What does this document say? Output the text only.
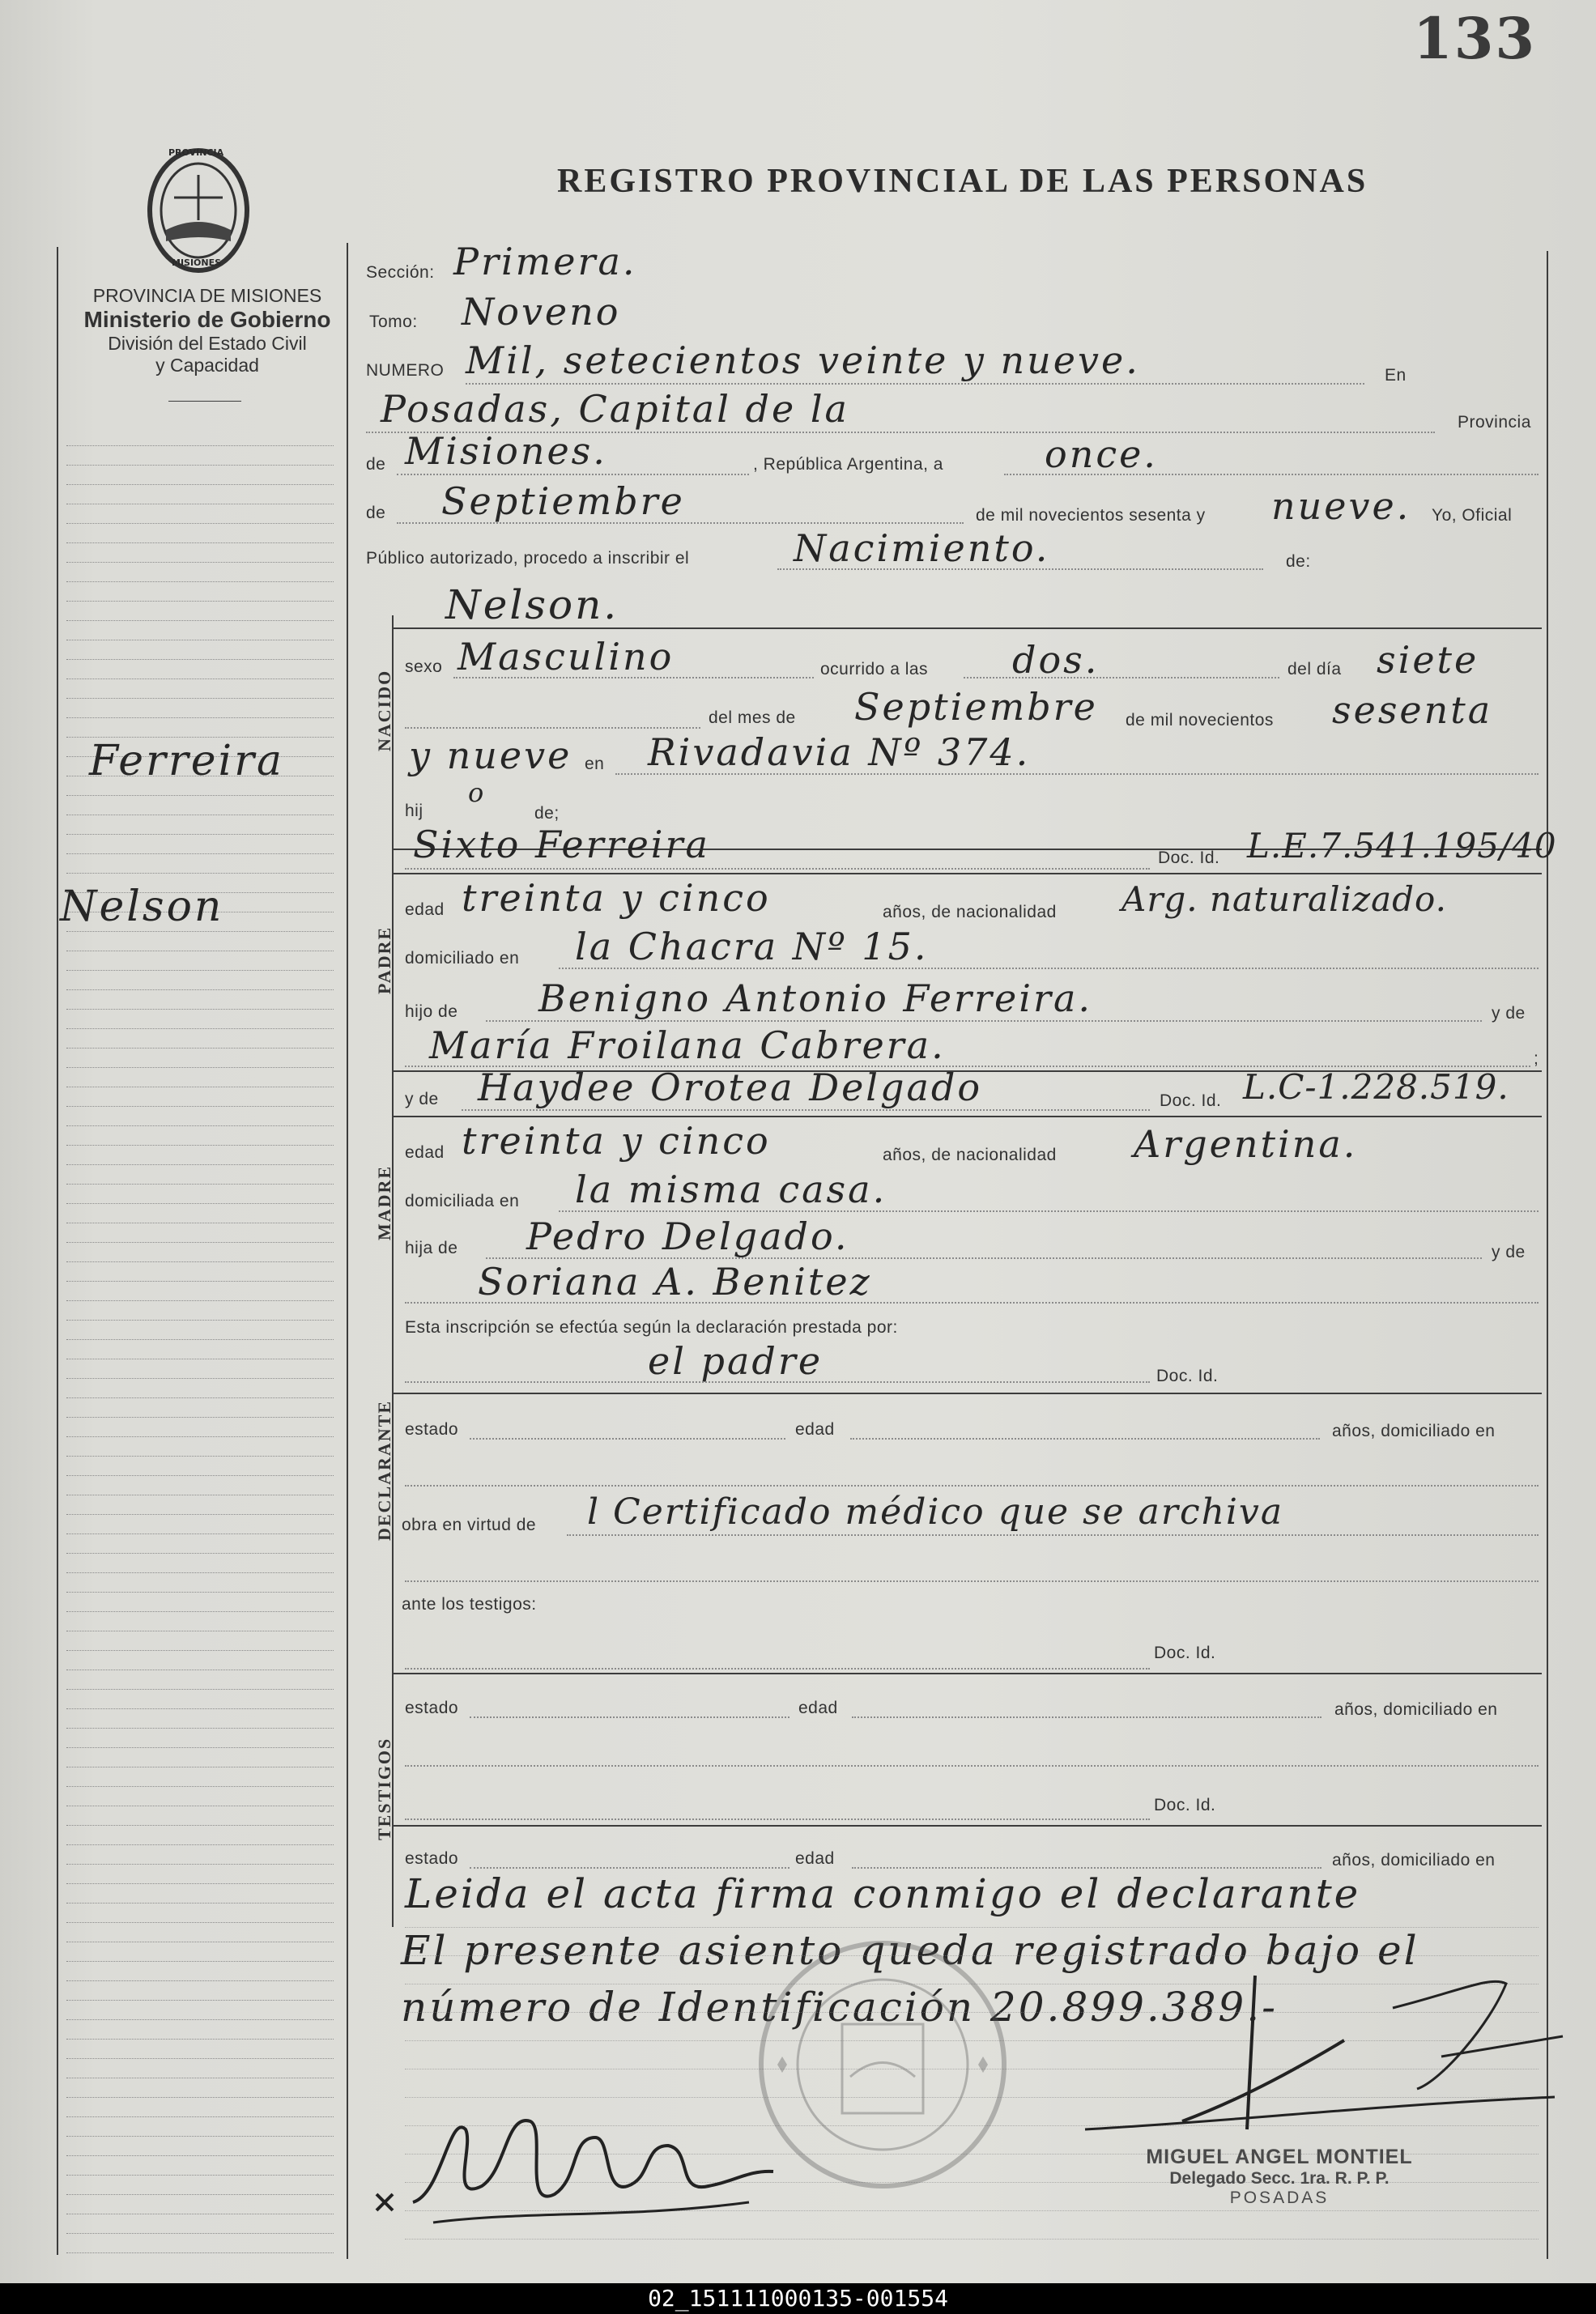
133
PROVINCIA
MISIONES
REGISTRO PROVINCIAL DE LAS PERSONAS
PROVINCIA DE MISIONES
Ministerio de Gobierno
División del Estado Civil
y Capacidad
Ferreira
Nelson
Sección: Primera.
Tomo: Noveno
NUMERO Mil, setecientos veinte y nueve.	En
Posadas, Capital de la	Provincia
de Misiones.	, República Argentina, a	once.
de Septiembre	de mil novecientos sesenta y nueve. Yo, Oficial
Público autorizado, procedo a inscribir el	Nacimiento.	de:
NACIDO
Nelson.
sexo Masculino	ocurrido a las dos.	del día siete
del mes de Septiembre de mil novecientos sesenta
y nueve en Rivadavia Nº 374.
hij
o
de;
PADRE
Sixto Ferreira	Doc. Id. L.E.7.541.195/40
edad treinta y cinco	años, de nacionalidad Arg. naturalizado.
domiciliado en la Chacra Nº 15.
hijo de Benigno Antonio Ferreira.	y de
María Froilana Cabrera.	;
y de Haydee Orotea Delgado	Doc. Id. L.C-1.228.519.
MADRE
edad treinta y cinco	años, de nacionalidad Argentina.
domiciliada en la misma casa.
hija de Pedro Delgado.	y de
Soriana A. Benitez
Esta inscripción se efectúa según la declaración prestada por:
el padre	Doc. Id.
DECLARANTE estado	edad	años, domiciliado en
obra en virtud de l Certificado médico que se archiva
ante los testigos:
Doc. Id.
TESTIGOS
estado	edad	años, domiciliado en
Doc. Id.
estado	edad	años, domiciliado en
Leida el acta firma conmigo el declarante
El presente asiento queda registrado bajo el
número de Identificación 20.899.389.-
MIGUEL ANGEL MONTIEL
Delegado Secc. 1ra. R. P. P.
POSADAS
02_151111000135-001554
